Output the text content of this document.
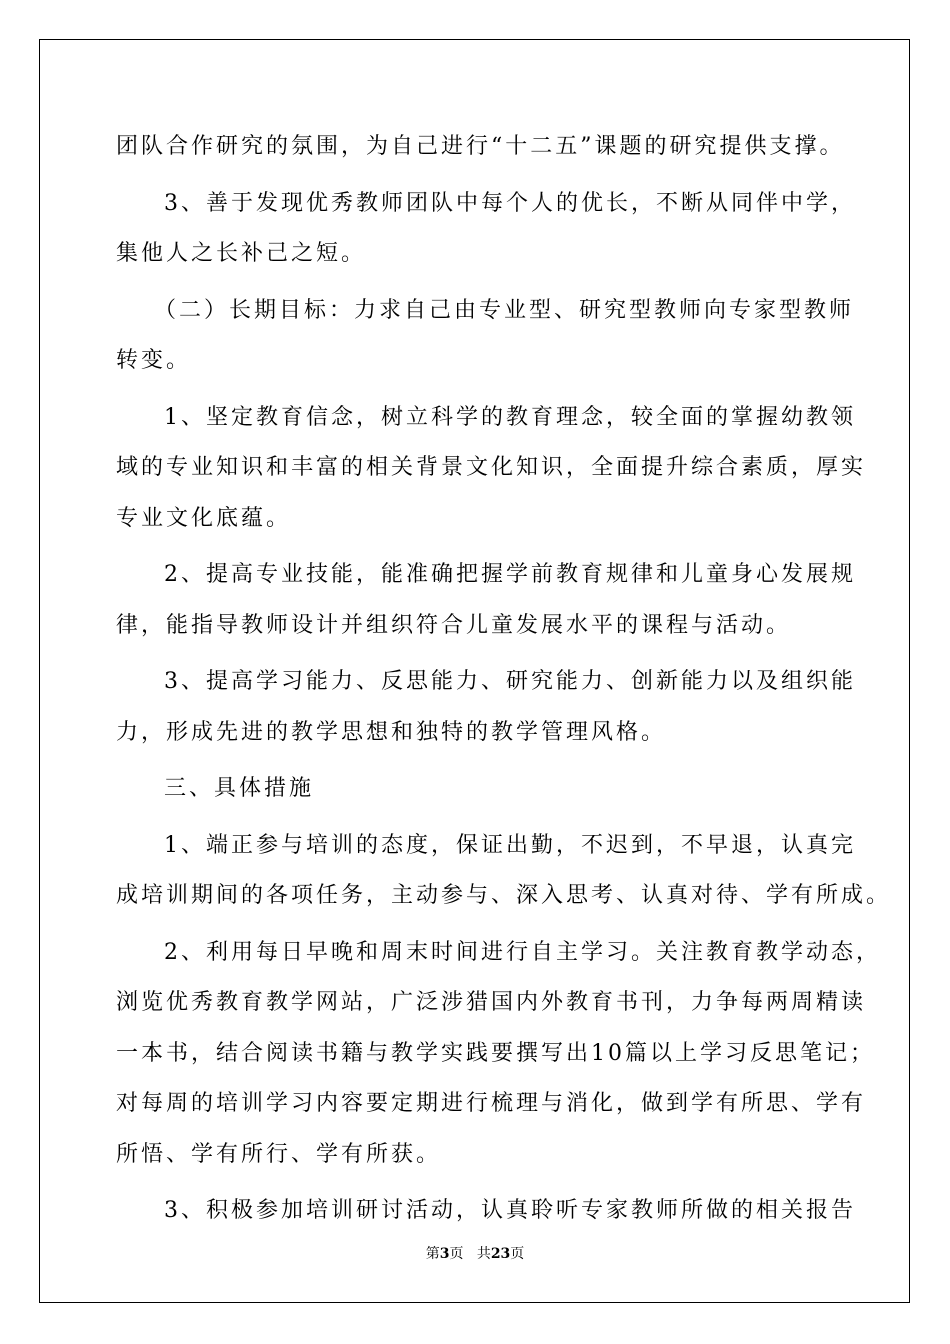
团队合作研究的氛围，为自己进行“十二五”课题的研究提供支撑。
3、善于发现优秀教师团队中每个人的优长，不断从同伴中学，
集他人之长补己之短。
（二）长期目标：力求自己由专业型、研究型教师向专家型教师
转变。
1、坚定教育信念，树立科学的教育理念，较全面的掌握幼教领
域的专业知识和丰富的相关背景文化知识，全面提升综合素质，厚实
专业文化底蕴。
2、提高专业技能，能准确把握学前教育规律和儿童身心发展规
律，能指导教师设计并组织符合儿童发展水平的课程与活动。
3、提高学习能力、反思能力、研究能力、创新能力以及组织能
力，形成先进的教学思想和独特的教学管理风格。
三、具体措施
1、端正参与培训的态度，保证出勤，不迟到，不早退，认真完
成培训期间的各项任务，主动参与、深入思考、认真对待、学有所成。
2、利用每日早晚和周末时间进行自主学习。关注教育教学动态，
浏览优秀教育教学网站，广泛涉猎国内外教育书刊，力争每两周精读
一本书，结合阅读书籍与教学实践要撰写出10篇以上学习反思笔记；
对每周的培训学习内容要定期进行梳理与消化，做到学有所思、学有
所悟、学有所行、学有所获。
3、积极参加培训研讨活动，认真聆听专家教师所做的相关报告
第3页 共23页
